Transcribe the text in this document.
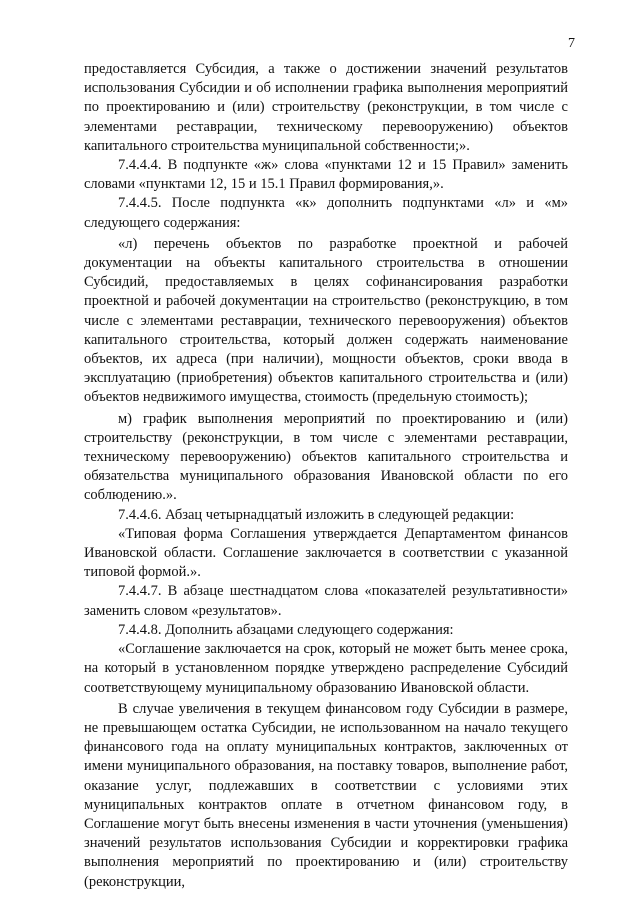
7

предоставляется Субсидия, а также о достижении значений результатов использования Субсидии и об исполнении графика выполнения мероприятий по проектированию и (или) строительству (реконструкции, в том числе с элементами реставрации, техническому перевооружению) объектов капитального строительства муниципальной собственности;».

7.4.4.4. В подпункте «ж» слова «пунктами 12 и 15 Правил» заменить словами «пунктами 12, 15 и 15.1 Правил формирования,».

7.4.4.5. После подпункта «к» дополнить подпунктами «л» и «м» следующего содержания:

«л) перечень объектов по разработке проектной и рабочей документации на объекты капитального строительства в отношении Субсидий, предоставляемых в целях софинансирования разработки проектной и рабочей документации на строительство (реконструкцию, в том числе с элементами реставрации, технического перевооружения) объектов капитального строительства, который должен содержать наименование объектов, их адреса (при наличии), мощности объектов, сроки ввода в эксплуатацию (приобретения) объектов капитального строительства и (или) объектов недвижимого имущества, стоимость (предельную стоимость);

м) график выполнения мероприятий по проектированию и (или) строительству (реконструкции, в том числе с элементами реставрации, техническому перевооружению) объектов капитального строительства и обязательства муниципального образования Ивановской области по его соблюдению.».

7.4.4.6. Абзац четырнадцатый изложить в следующей редакции:

«Типовая форма Соглашения утверждается Департаментом финансов Ивановской области. Соглашение заключается в соответствии с указанной типовой формой.».

7.4.4.7. В абзаце шестнадцатом слова «показателей результативности» заменить словом «результатов».

7.4.4.8. Дополнить абзацами следующего содержания:

«Соглашение заключается на срок, который не может быть менее срока, на который в установленном порядке утверждено распределение Субсидий соответствующему муниципальному образованию Ивановской области.

В случае увеличения в текущем финансовом году Субсидии в размере, не превышающем остатка Субсидии, не использованном на начало текущего финансового года на оплату муниципальных контрактов, заключенных от имени муниципального образования, на поставку товаров, выполнение работ, оказание услуг, подлежавших в соответствии с условиями этих муниципальных контрактов оплате в отчетном финансовом году, в Соглашение могут быть внесены изменения в части уточнения (уменьшения) значений результатов использования Субсидии и корректировки графика выполнения мероприятий по проектированию и (или) строительству (реконструкции,
